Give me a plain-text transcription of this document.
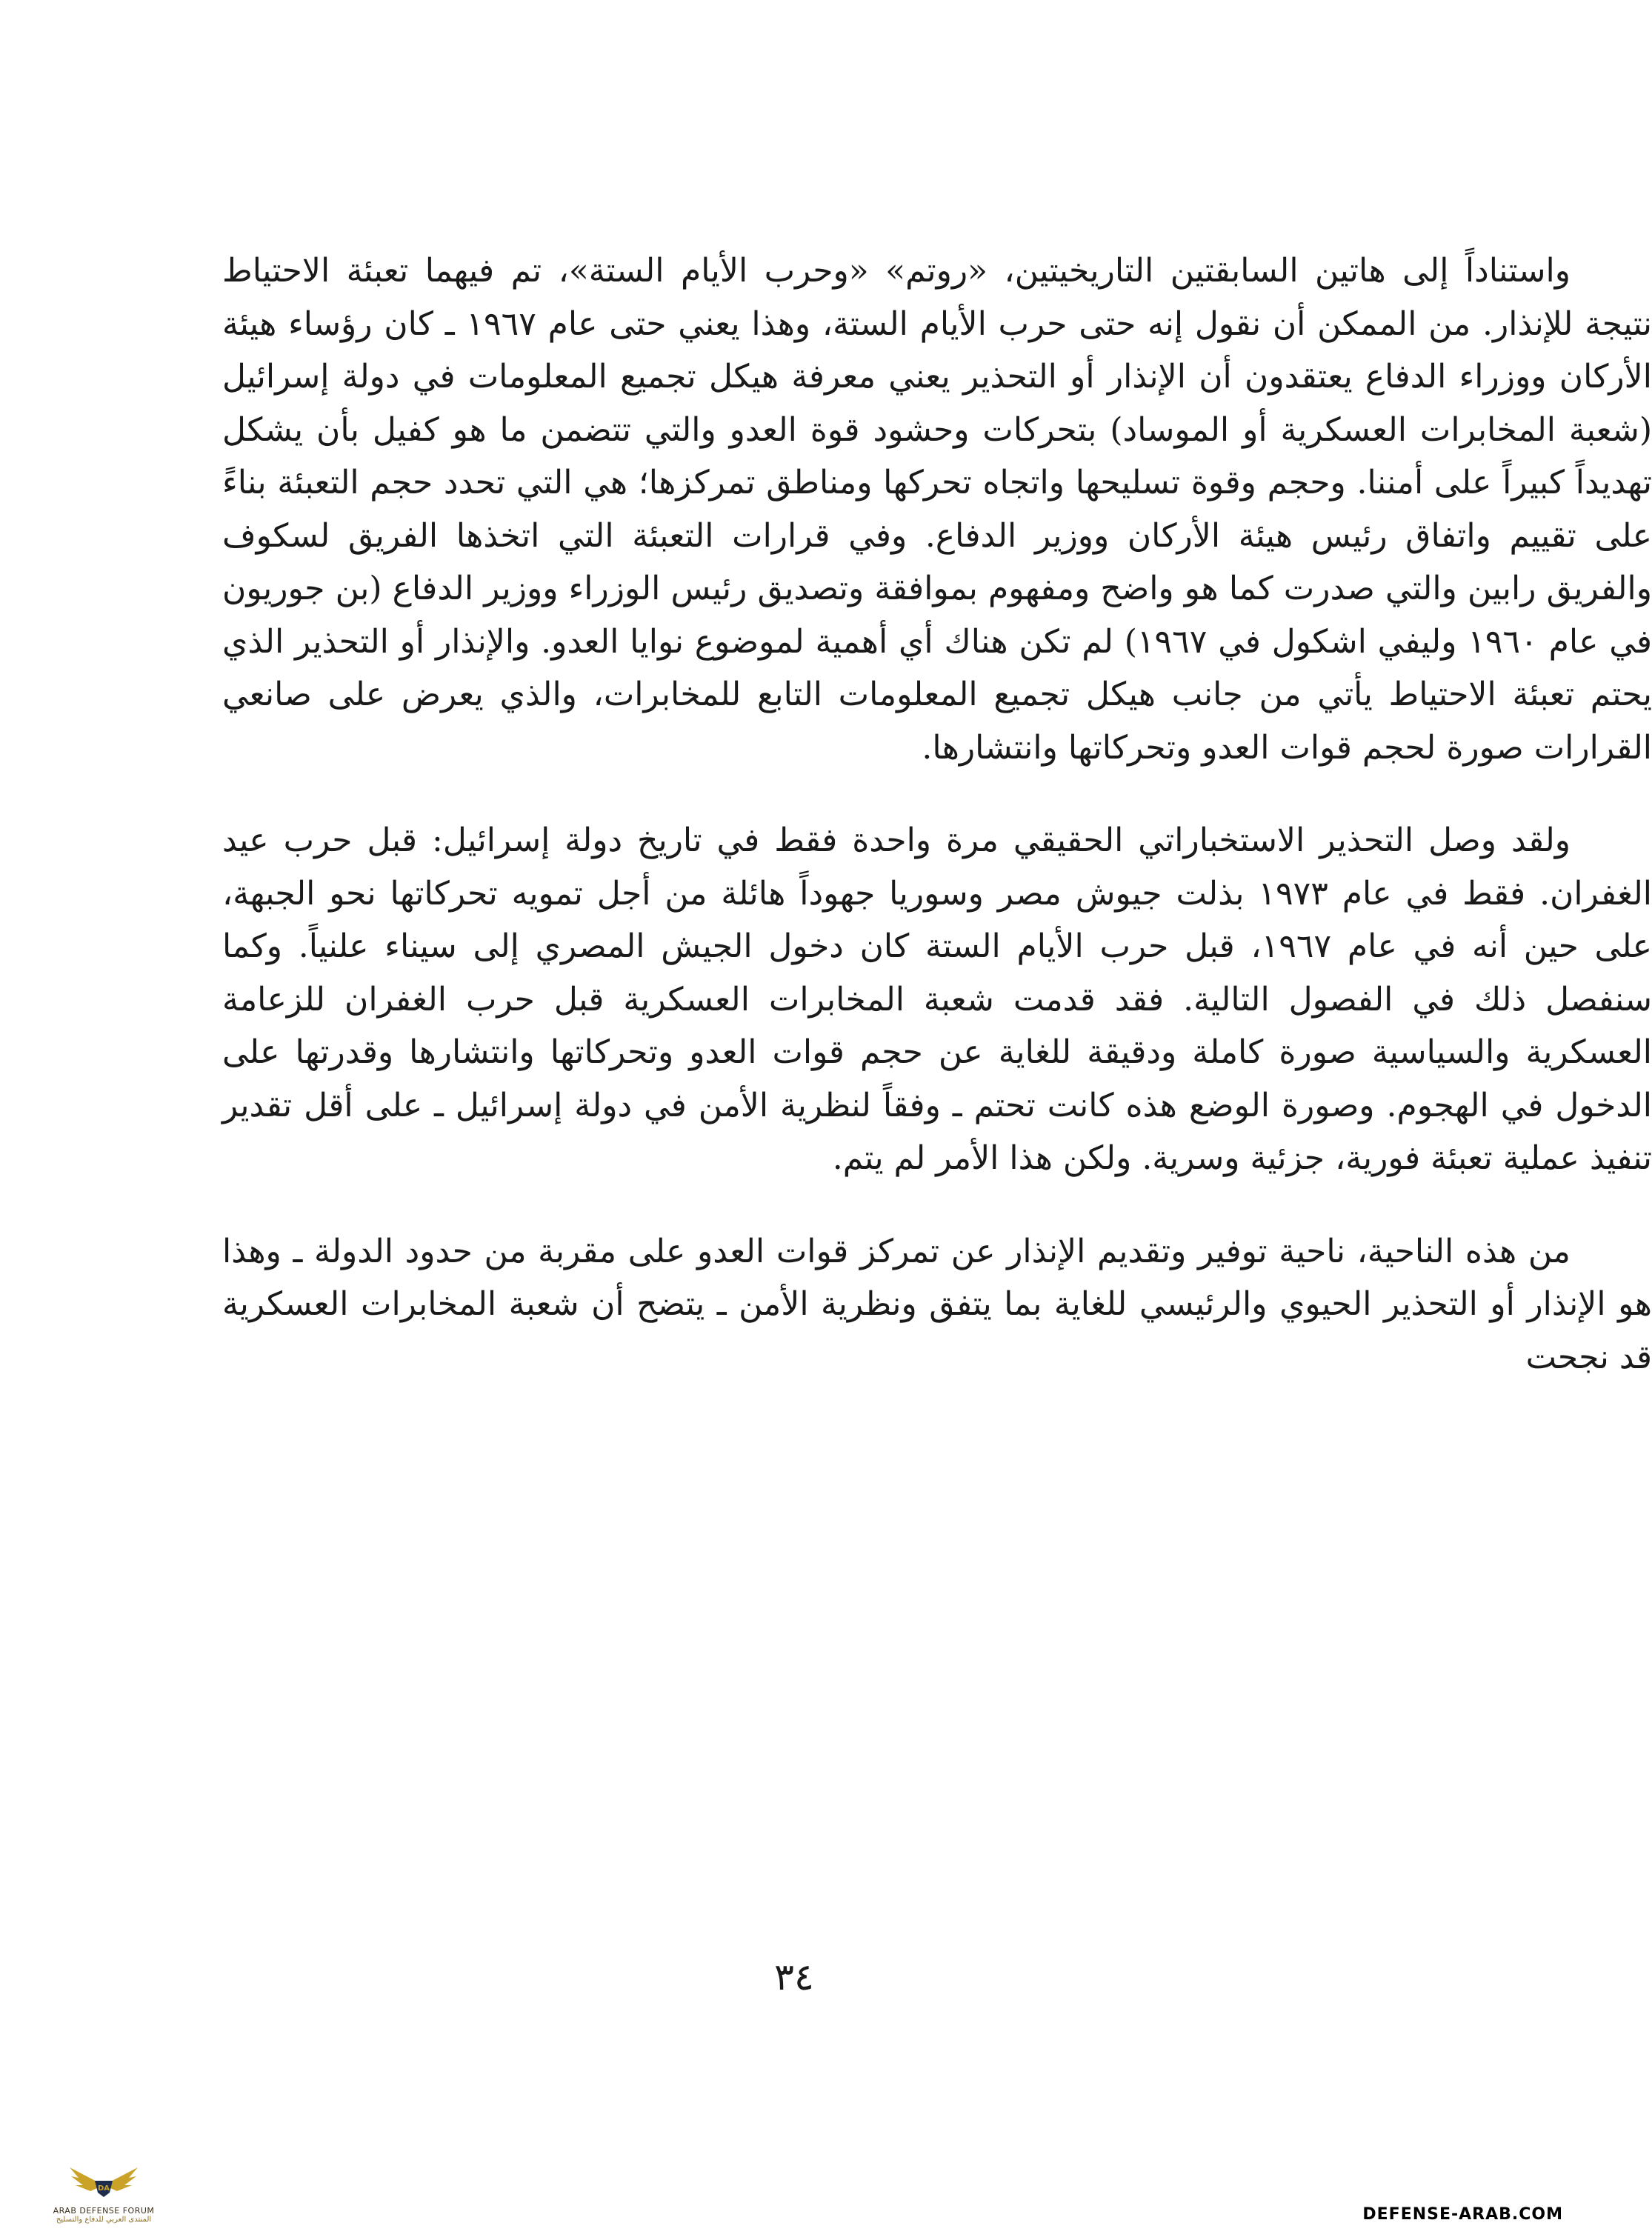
واستناداً إلى هاتين السابقتين التاريخيتين، «روتم» «وحرب الأيام الستة»، تم فيهما تعبئة الاحتياط نتيجة للإنذار. من الممكن أن نقول إنه حتى حرب الأيام الستة، وهذا يعني حتى عام ١٩٦٧ ـ كان رؤساء هيئة الأركان ووزراء الدفاع يعتقدون أن الإنذار أو التحذير يعني معرفة هيكل تجميع المعلومات في دولة إسرائيل (شعبة المخابرات العسكرية أو الموساد) بتحركات وحشود قوة العدو والتي تتضمن ما هو كفيل بأن يشكل تهديداً كبيراً على أمننا. وحجم وقوة تسليحها واتجاه تحركها ومناطق تمركزها؛ هي التي تحدد حجم التعبئة بناءً على تقييم واتفاق رئيس هيئة الأركان ووزير الدفاع. وفي قرارات التعبئة التي اتخذها الفريق لسكوف والفريق رابين والتي صدرت كما هو واضح ومفهوم بموافقة وتصديق رئيس الوزراء ووزير الدفاع (بن جوريون في عام ١٩٦٠ وليفي اشكول في ١٩٦٧) لم تكن هناك أي أهمية لموضوع نوايا العدو. والإنذار أو التحذير الذي يحتم تعبئة الاحتياط يأتي من جانب هيكل تجميع المعلومات التابع للمخابرات، والذي يعرض على صانعي القرارات صورة لحجم قوات العدو وتحركاتها وانتشارها.

ولقد وصل التحذير الاستخباراتي الحقيقي مرة واحدة فقط في تاريخ دولة إسرائيل: قبل حرب عيد الغفران. فقط في عام ١٩٧٣ بذلت جيوش مصر وسوريا جهوداً هائلة من أجل تمويه تحركاتها نحو الجبهة، على حين أنه في عام ١٩٦٧، قبل حرب الأيام الستة كان دخول الجيش المصري إلى سيناء علنياً. وكما سنفصل ذلك في الفصول التالية. فقد قدمت شعبة المخابرات العسكرية قبل حرب الغفران للزعامة العسكرية والسياسية صورة كاملة ودقيقة للغاية عن حجم قوات العدو وتحركاتها وانتشارها وقدرتها على الدخول في الهجوم. وصورة الوضع هذه كانت تحتم ـ وفقاً لنظرية الأمن في دولة إسرائيل ـ على أقل تقدير تنفيذ عملية تعبئة فورية، جزئية وسرية. ولكن هذا الأمر لم يتم.

من هذه الناحية، ناحية توفير وتقديم الإنذار عن تمركز قوات العدو على مقربة من حدود الدولة ـ وهذا هو الإنذار أو التحذير الحيوي والرئيسي للغاية بما يتفق ونظرية الأمن ـ يتضح أن شعبة المخابرات العسكرية قد نجحت

٣٤
DA
ARAB DEFENSE FORUM
المنتدى العربي للدفاع والتسليح	DEFENSE-ARAB.COM
